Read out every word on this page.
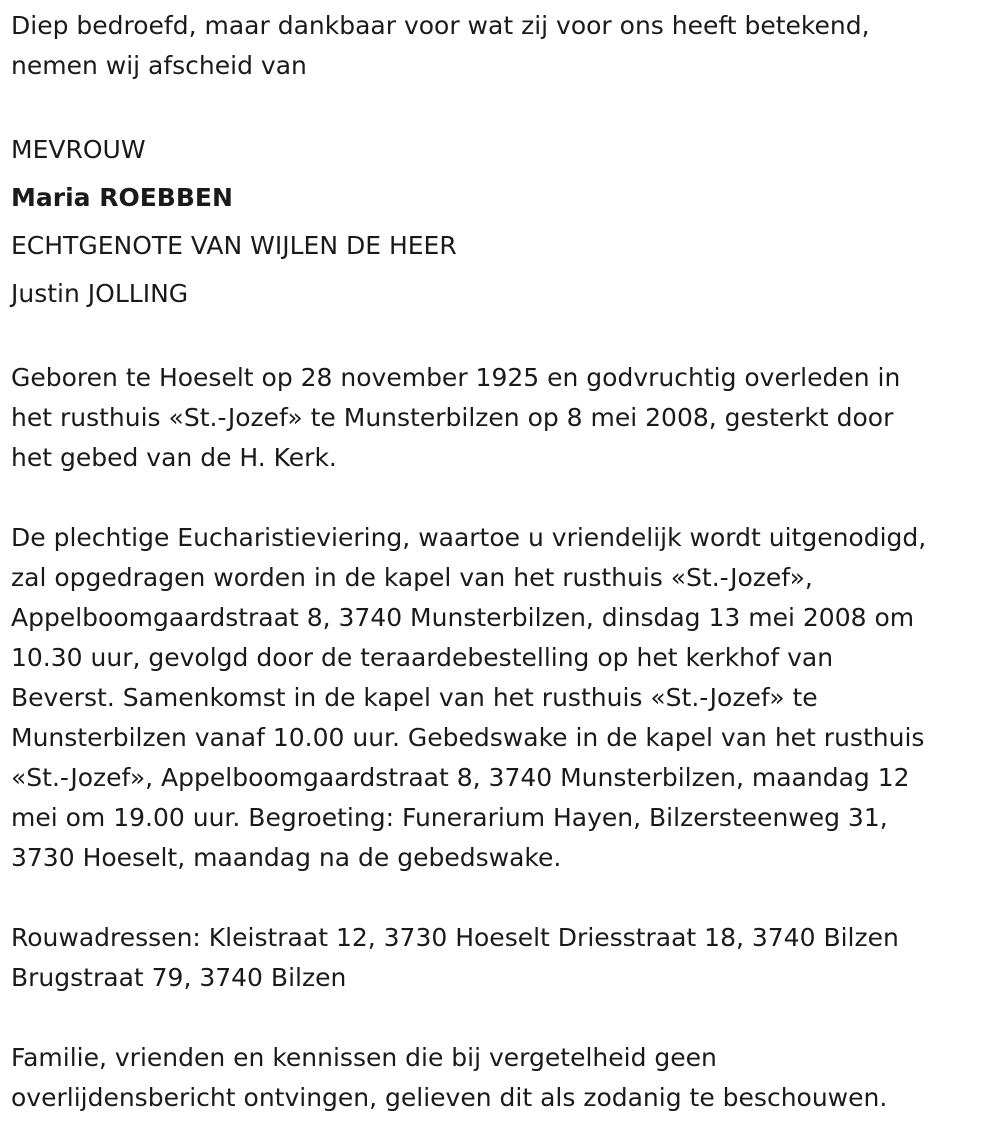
Diep bedroefd, maar dankbaar voor wat zij voor ons heeft betekend,
nemen wij afscheid van

MEVROUW
Maria ROEBBEN
ECHTGENOTE VAN WIJLEN DE HEER
Justin JOLLING

Geboren te Hoeselt op 28 november 1925 en godvruchtig overleden in
het rusthuis «St.-Jozef» te Munsterbilzen op 8 mei 2008, gesterkt door
het gebed van de H. Kerk.

De plechtige Eucharistieviering, waartoe u vriendelijk wordt uitgenodigd,
zal opgedragen worden in de kapel van het rusthuis «St.-Jozef»,
Appelboomgaardstraat 8, 3740 Munsterbilzen, dinsdag 13 mei 2008 om
10.30 uur, gevolgd door de teraardebestelling op het kerkhof van
Beverst. Samenkomst in de kapel van het rusthuis «St.-Jozef» te
Munsterbilzen vanaf 10.00 uur. Gebedswake in de kapel van het rusthuis
«St.-Jozef», Appelboomgaardstraat 8, 3740 Munsterbilzen, maandag 12
mei om 19.00 uur. Begroeting: Funerarium Hayen, Bilzersteenweg 31,
3730 Hoeselt, maandag na de gebedswake.

Rouwadressen: Kleistraat 12, 3730 Hoeselt Driesstraat 18, 3740 Bilzen
Brugstraat 79, 3740 Bilzen

Familie, vrienden en kennissen die bij vergetelheid geen
overlijdensbericht ontvingen, gelieven dit als zodanig te beschouwen.
